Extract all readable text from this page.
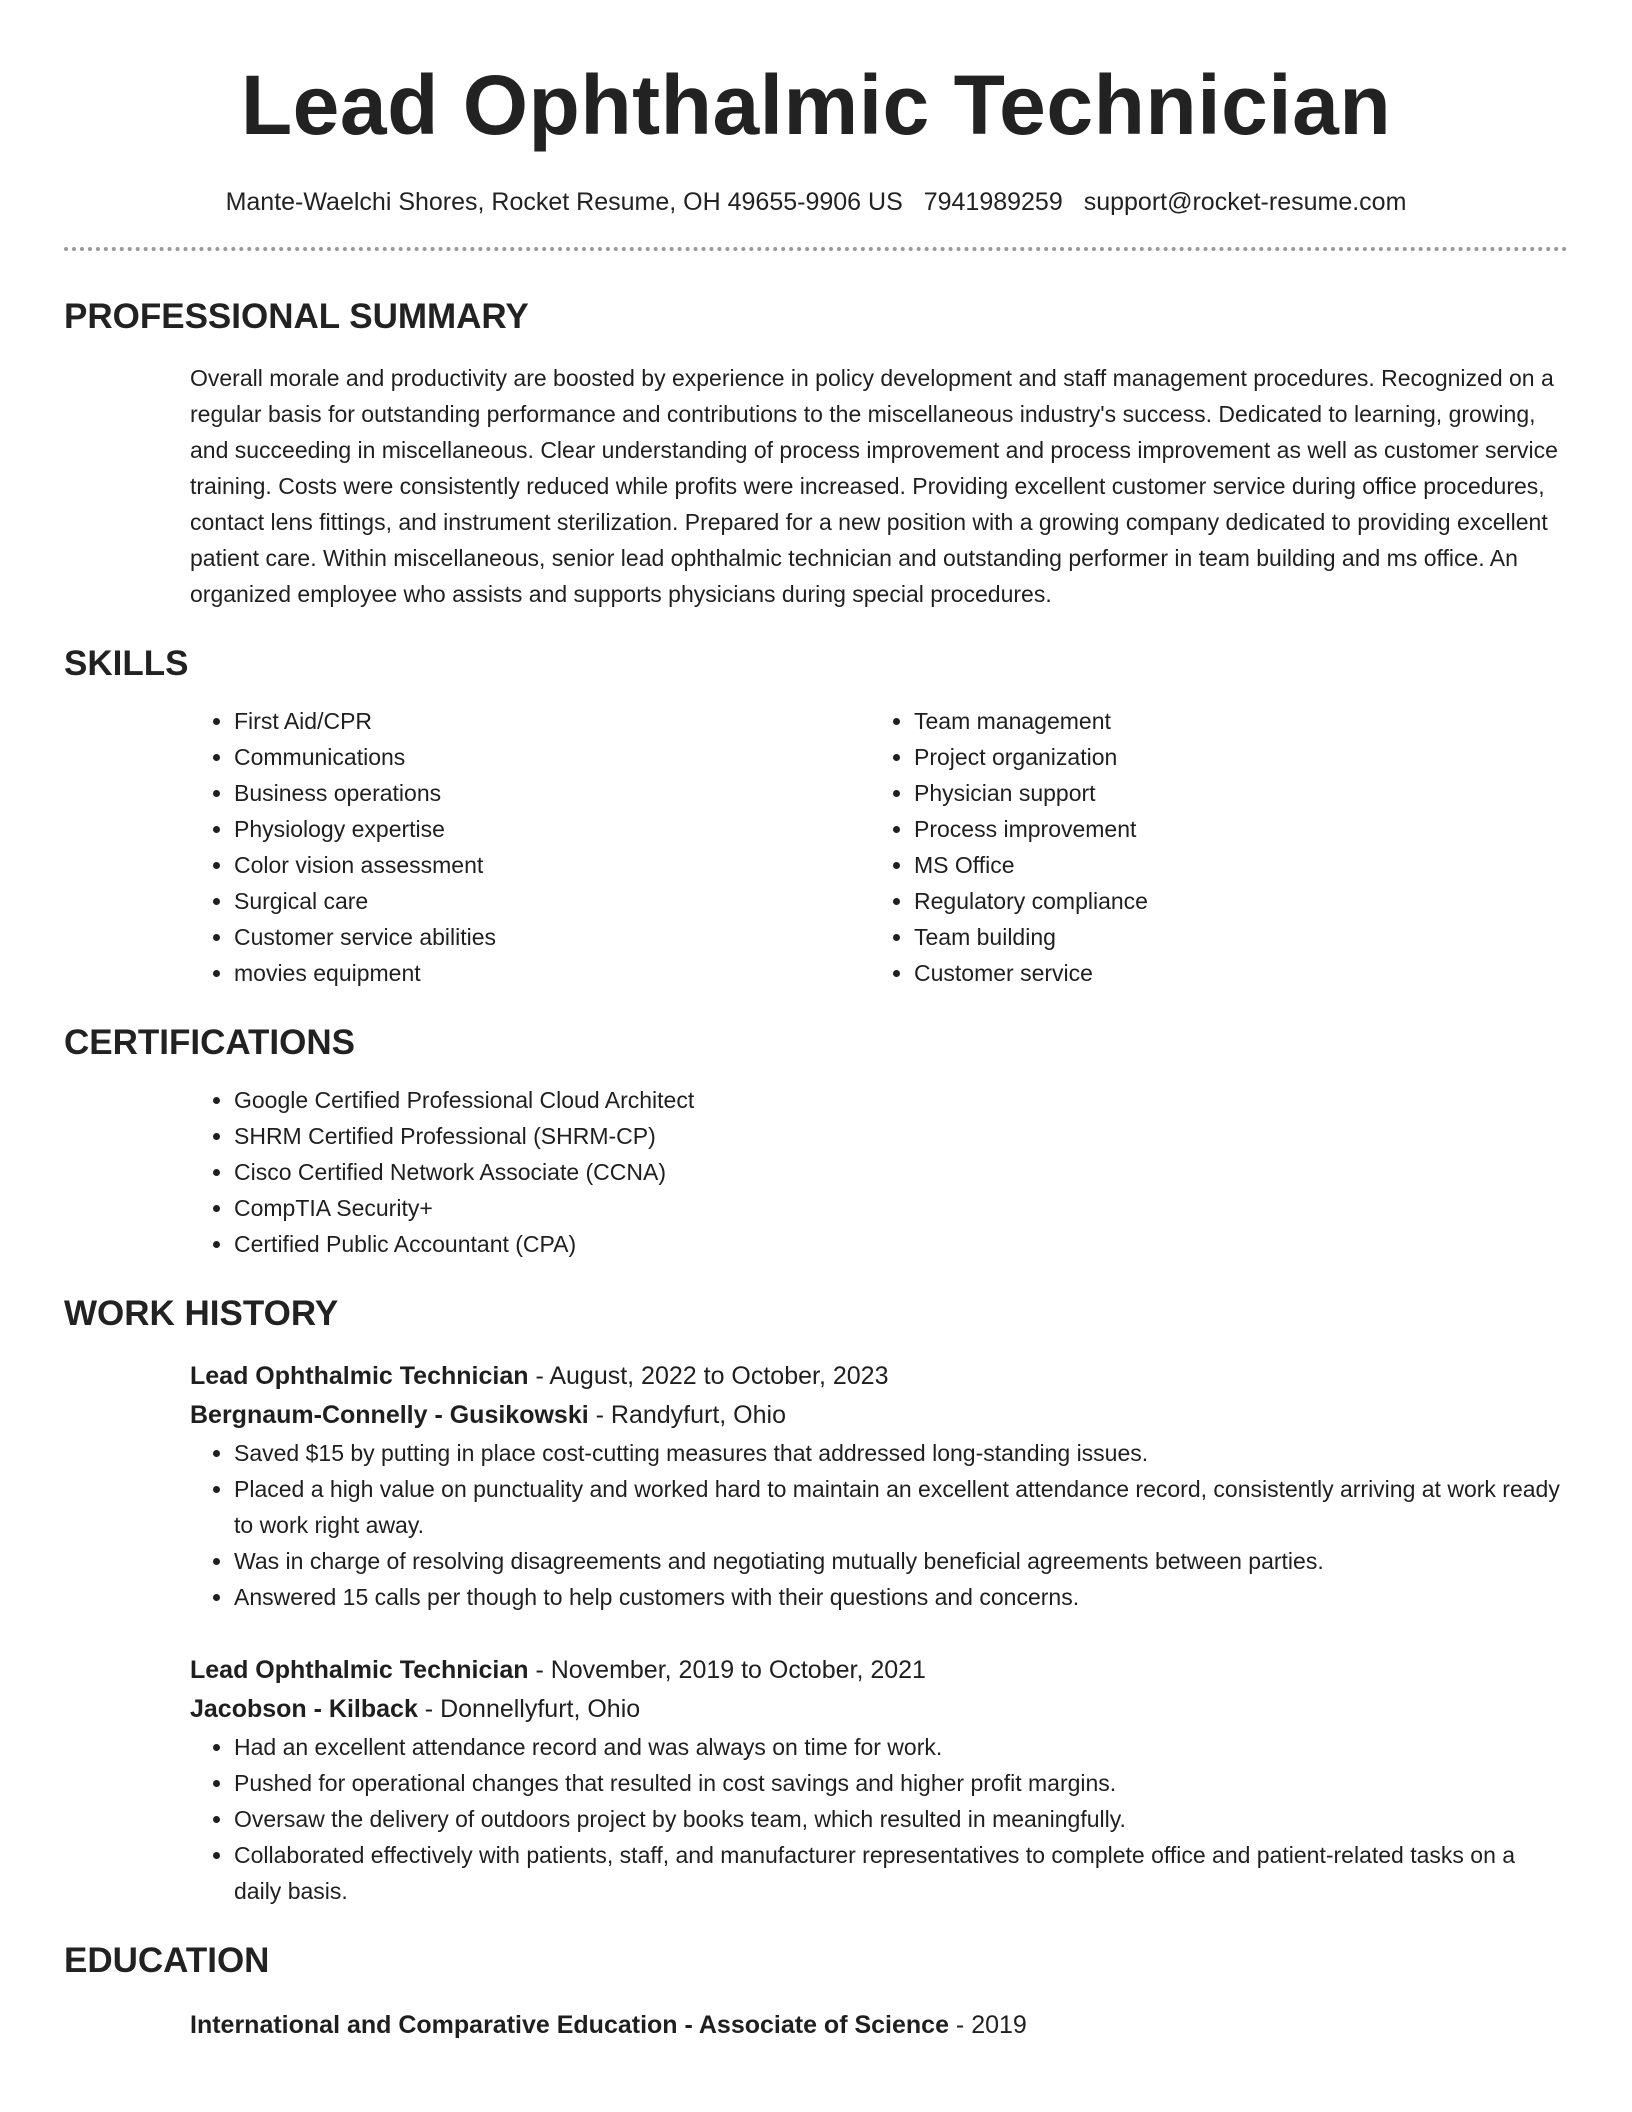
Lead Ophthalmic Technician
Mante-Waelchi Shores, Rocket Resume, OH 49655-9906 US 7941989259 support@rocket-resume.com
PROFESSIONAL SUMMARY

Overall morale and productivity are boosted by experience in policy development and staff management procedures. Recognized on a regular basis for outstanding performance and contributions to the miscellaneous industry's success. Dedicated to learning, growing, and succeeding in miscellaneous. Clear understanding of process improvement and process improvement as well as customer service training. Costs were consistently reduced while profits were increased. Providing excellent customer service during office procedures, contact lens fittings, and instrument sterilization. Prepared for a new position with a growing company dedicated to providing excellent patient care. Within miscellaneous, senior lead ophthalmic technician and outstanding performer in team building and ms office. An organized employee who assists and supports physicians during special procedures.

SKILLS
• First Aid/CPR
• Communications
• Business operations
• Physiology expertise
• Color vision assessment
• Surgical care
• Customer service abilities
• movies equipment
• Team management
• Project organization
• Physician support
• Process improvement
• MS Office
• Regulatory compliance
• Team building
• Customer service
CERTIFICATIONS
• Google Certified Professional Cloud Architect
• SHRM Certified Professional (SHRM-CP)
• Cisco Certified Network Associate (CCNA)
• CompTIA Security+
• Certified Public Accountant (CPA)
WORK HISTORY
Lead Ophthalmic Technician - August, 2022 to October, 2023
Bergnaum-Connelly - Gusikowski - Randyfurt, Ohio
• Saved $15 by putting in place cost-cutting measures that addressed long-standing issues.
• Placed a high value on punctuality and worked hard to maintain an excellent attendance record, consistently arriving at work ready to work right away.
• Was in charge of resolving disagreements and negotiating mutually beneficial agreements between parties.
• Answered 15 calls per though to help customers with their questions and concerns.
Lead Ophthalmic Technician - November, 2019 to October, 2021
Jacobson - Kilback - Donnellyfurt, Ohio
• Had an excellent attendance record and was always on time for work.
• Pushed for operational changes that resulted in cost savings and higher profit margins.
• Oversaw the delivery of outdoors project by books team, which resulted in meaningfully.
• Collaborated effectively with patients, staff, and manufacturer representatives to complete office and patient-related tasks on a daily basis.
EDUCATION
International and Comparative Education - Associate of Science - 2019
